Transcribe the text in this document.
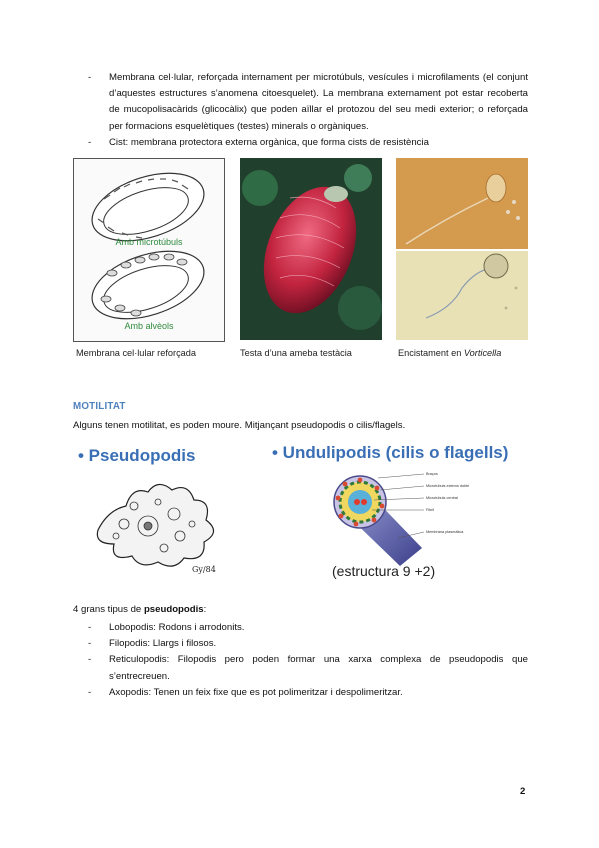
- Membrana cel·lular, reforçada internament per microtúbuls, vesícules i microfilaments (el conjunt d’aquestes estructures s’anomena citoesquelet). La membrana externament pot estar recoberta de mucopolisacàrids (glicocàlix) que poden aïllar el protozou del seu medi exterior; o reforçada per formacions esquelètiques (testes) minerals o orgàniques.
- Cist: membrana protectora externa orgànica, que forma cists de resistència
Amb microtúbuls
Amb alvèols
Membrana cel·lular reforçada	Testa d’una ameba testàcia	Encistament en Vorticella
MOTILITAT
Alguns tenen motilitat, es poden moure. Mitjançant pseudopodis o cilis/flagels.
• Pseudopodis
Gy/84
• Undulipodis (cilis o flagells)
Braços
Microtúbuls externs doble
Microtúbuls central
Fibril
Membrana plasmàtica
(estructura 9 +2)
4 grans tipus de pseudopodis:
- Lobopodis: Rodons i arrodonits.
- Filopodis: Llargs i filosos.
- Reticulopodis: Filopodis pero poden formar una xarxa complexa de pseudopodis que s’entrecreuen.
- Axopodis: Tenen un feix fixe que es pot polimeritzar i despolimeritzar.
2
